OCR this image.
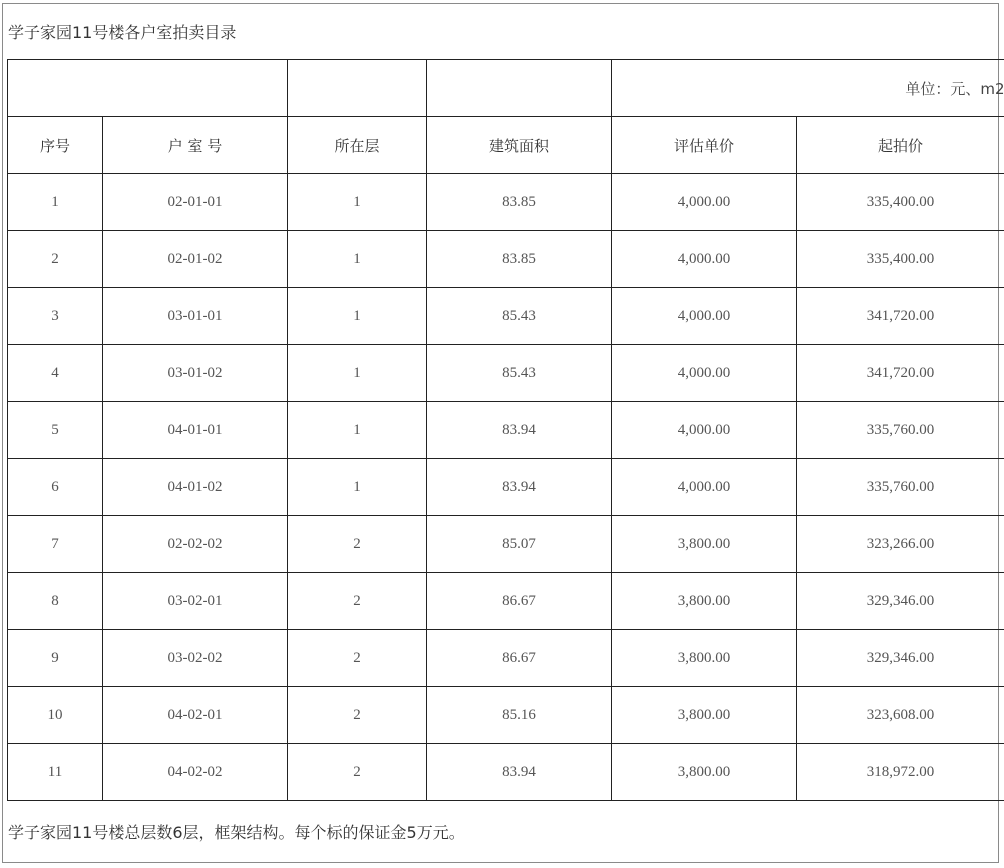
学子家园11号楼各户室拍卖目录
				单位：元、m2	
序号	户 室 号	所在层	建筑面积	评估单价	起拍价
1	02-01-01	1	83.85	4,000.00	335,400.00
2	02-01-02	1	83.85	4,000.00	335,400.00
3	03-01-01	1	85.43	4,000.00	341,720.00
4	03-01-02	1	85.43	4,000.00	341,720.00
5	04-01-01	1	83.94	4,000.00	335,760.00
6	04-01-02	1	83.94	4,000.00	335,760.00
7	02-02-02	2	85.07	3,800.00	323,266.00
8	03-02-01	2	86.67	3,800.00	329,346.00
9	03-02-02	2	86.67	3,800.00	329,346.00
10	04-02-01	2	85.16	3,800.00	323,608.00
11	04-02-02	2	83.94	3,800.00	318,972.00
学子家园11号楼总层数6层，框架结构。每个标的保证金5万元。
